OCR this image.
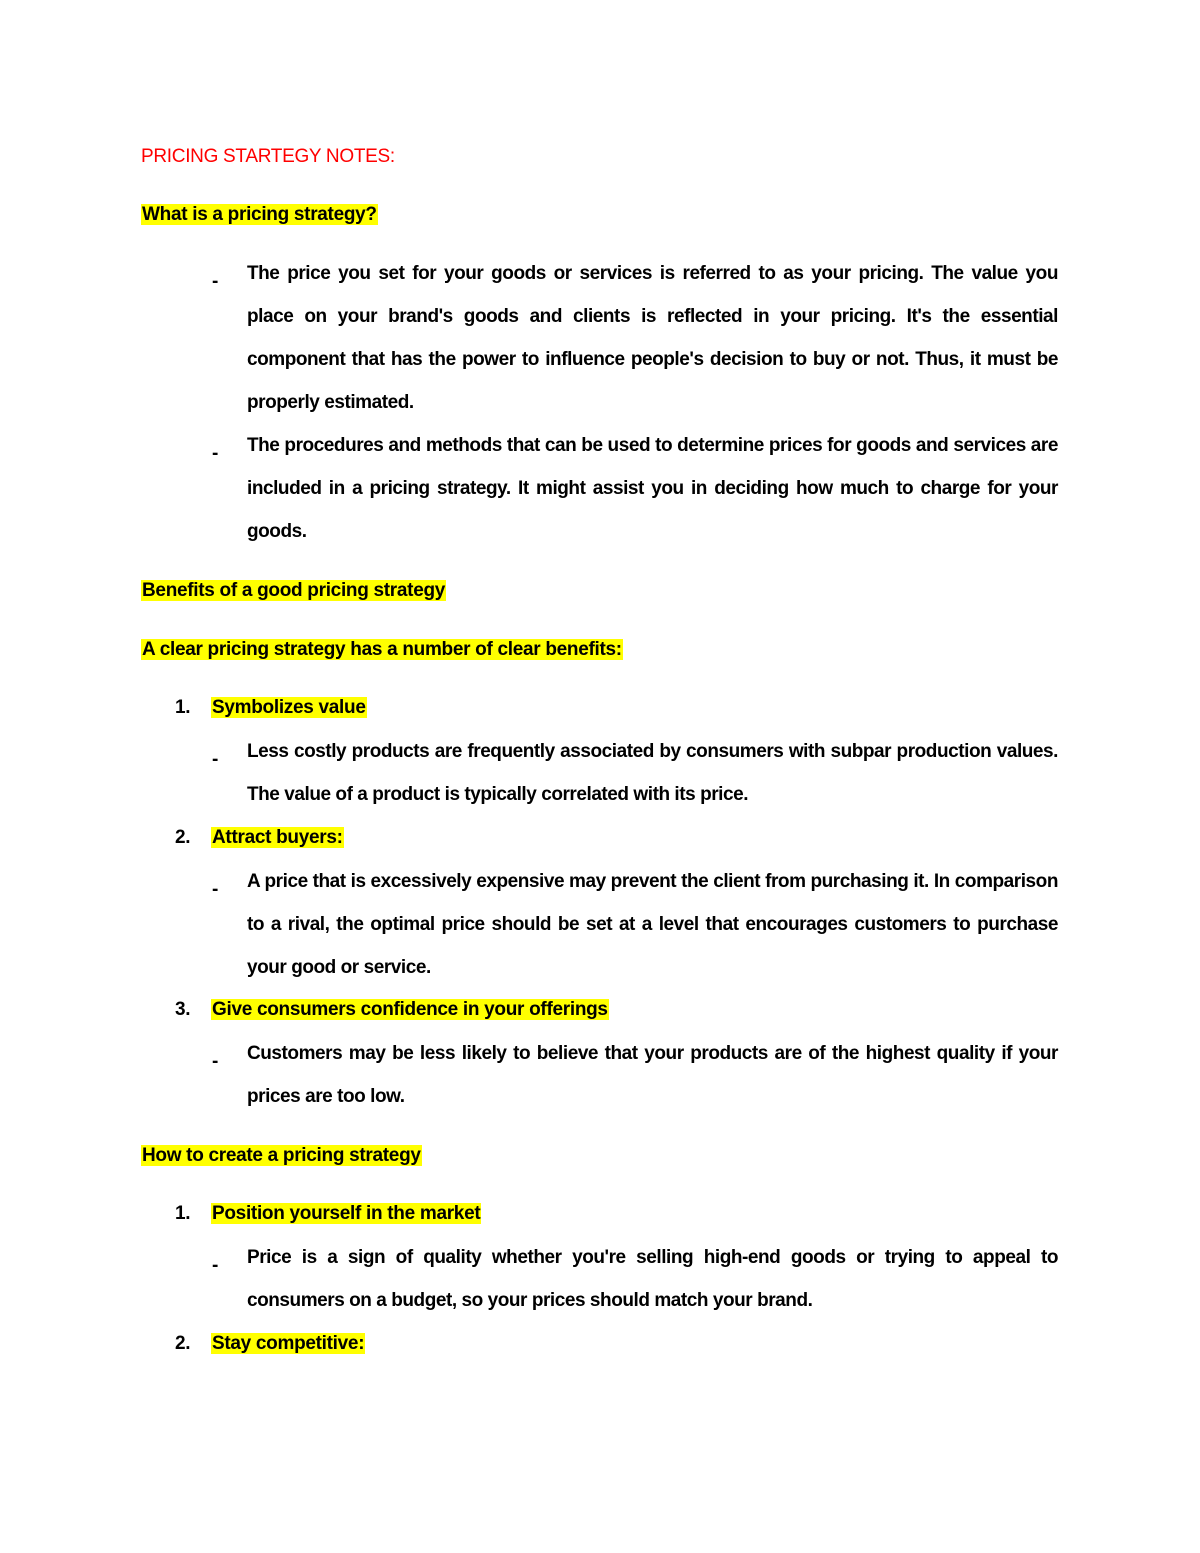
PRICING STARTEGY NOTES:

What is a pricing strategy?

- The price you set for your goods or services is referred to as your pricing. The value you place on your brand's goods and clients is reflected in your pricing. It's the essential component that has the power to influence people's decision to buy or not. Thus, it must be properly estimated.
- The procedures and methods that can be used to determine prices for goods and services are included in a pricing strategy. It might assist you in deciding how much to charge for your goods.

Benefits of a good pricing strategy

A clear pricing strategy has a number of clear benefits:

1. Symbolizes value

- Less costly products are frequently associated by consumers with subpar production values. The value of a product is typically correlated with its price.

2. Attract buyers:

- A price that is excessively expensive may prevent the client from purchasing it. In comparison to a rival, the optimal price should be set at a level that encourages customers to purchase your good or service.

3. Give consumers confidence in your offerings

- Customers may be less likely to believe that your products are of the highest quality if your prices are too low.

How to create a pricing strategy

1. Position yourself in the market

- Price is a sign of quality whether you're selling high-end goods or trying to appeal to consumers on a budget, so your prices should match your brand.

2. Stay competitive:
